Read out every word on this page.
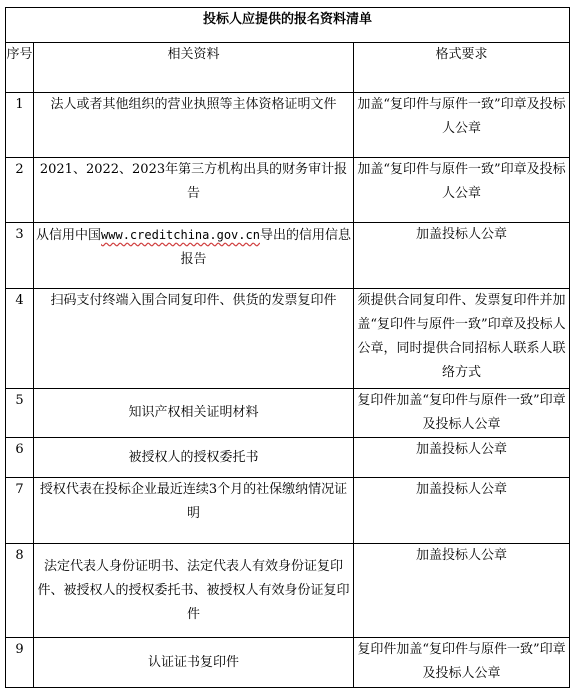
投标人应提供的报名资料清单		
序号	相关资料	格式要求
1	法人或者其他组织的营业执照等主体资格证明文件	加盖“复印件与原件一致”印章及投标人公章
2	2021、2022、2023年第三方机构出具的财务审计报告	加盖“复印件与原件一致”印章及投标人公章
3	从信用中国www.creditchina.gov.cn导出的信用信息报告	加盖投标人公章
4	扫码支付终端入围合同复印件、供货的发票复印件	须提供合同复印件、发票复印件并加盖“复印件与原件一致”印章及投标人公章，同时提供合同招标人联系人联络方式
5	知识产权相关证明材料	复印件加盖“复印件与原件一致”印章及投标人公章
6	被授权人的授权委托书	加盖投标人公章
7	授权代表在投标企业最近连续3个月的社保缴纳情况证明	加盖投标人公章
8	法定代表人身份证明书、法定代表人有效身份证复印件、被授权人的授权委托书、被授权人有效身份证复印件	加盖投标人公章
9	认证证书复印件	复印件加盖“复印件与原件一致”印章及投标人公章
